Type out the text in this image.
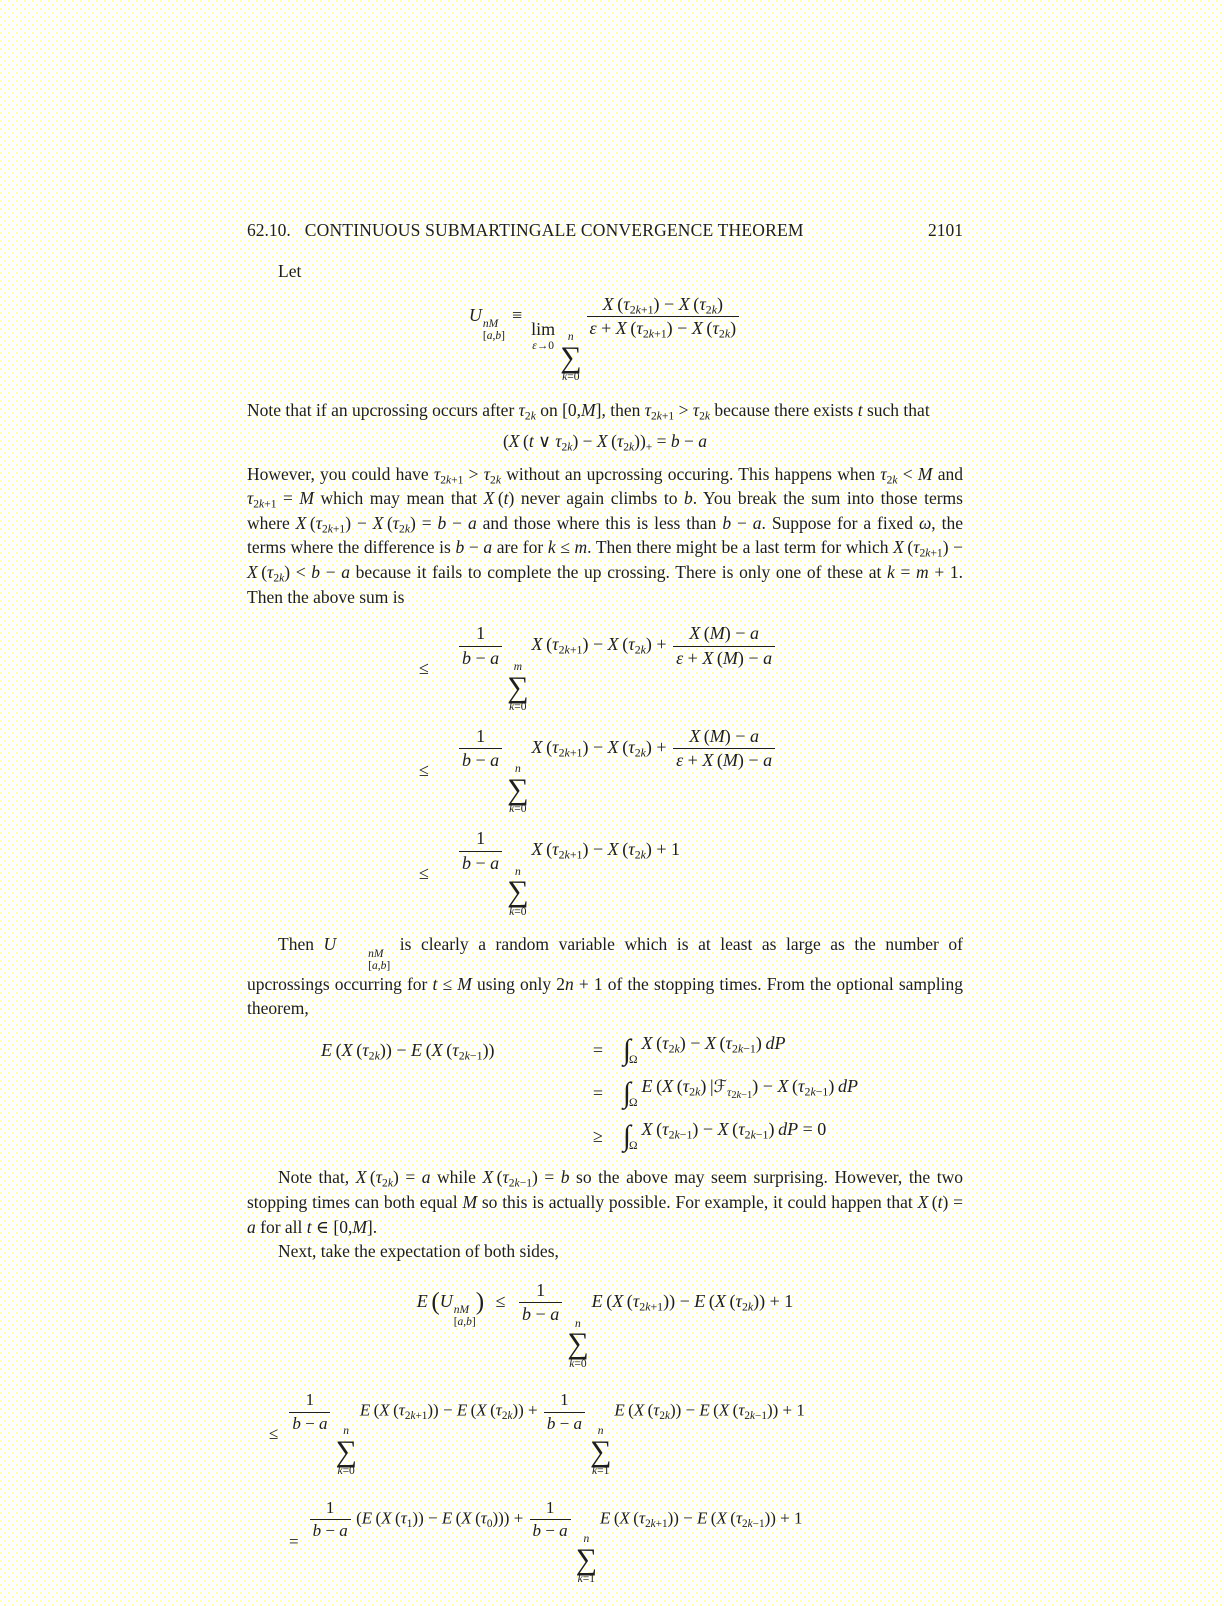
62.10. CONTINUOUS SUBMARTINGALE CONVERGENCE THEOREM	2101

Let

U nM
[a,b]
≡
lim
ε→0
n
∑
k=0
$\frac{X (\tau_{2k+1}) - X (\tau_{2k})}{\varepsilon + X (\tau_{2k+1}) - X (\tau_{2k})}$

Note that if an upcrossing occurs after $\tau_{2k}$ on [0,M], then $\tau_{2k+1} > \tau_{2k}$ because there exists t such that

(X (t ∨ $\tau_{2k}) - X$ $(\tau_{2k}))_+ = b - a$

However, you could have $\tau_{2k+1} > \tau_{2k}$ without an upcrossing occuring. This happens when $\tau_{2k} < M$ and $\tau_{2k+1} = M$ which may mean that X (t) never again climbs to b. You break the sum into those terms where X $(\tau_{2k+1}) - X$ $(\tau_{2k}) = b - a$ and those where this is less than b − a. Suppose for a fixed ω, the terms where the difference is b − a are for k ≤ m. Then there might be a last term for which X $(\tau_{2k+1}) - X$ $(\tau_{2k}) < b - a$ because it fails to complete the up crossing. There is only one of these at k = m + 1. Then the above sum is

≤	$\frac{1}{b - a}$ m
∑
k=0
X $(\tau_{2k+1}) - X$ $(\tau_{2k}) + \frac{X (M) - a}{\varepsilon + X (M) - a}$
≤	$\frac{1}{b - a}$ n
∑
k=0
X $(\tau_{2k+1}) - X$ $(\tau_{2k}) + \frac{X (M) - a}{\varepsilon + X (M) - a}$
≤	$\frac{1}{b - a}$ n
∑
k=0
X $(\tau_{2k+1}) - X$ $(\tau_{2k}) + 1$

Then U	nM
[a,b]
is clearly a random variable which is at least as large as the number of upcrossings occurring for t ≤ M using only 2n + 1 of the stopping times. From the optional sampling theorem,

E (X $(\tau_{2k})) - E$ (X $(\tau_{2k-1})$)	= $\int_\Omega X$ $(\tau_{2k}) - X$ $(\tau_{2k-1})$ dP
= $\int_\Omega E$ (X $(\tau_{2k})$ |ℱ$_{\tau_{2k-1}}$) − X $(\tau_{2k-1})$ dP
≥ $\int_\Omega X$ $(\tau_{2k-1}) - X$ $(\tau_{2k-1})$ dP = 0

Note that, X $(\tau_{2k}) = a$ while X $(\tau_{2k-1}) = b$ so the above may seem surprising. However, the two stopping times can both equal M so this is actually possible. For example, it could happen that X (t) = a for all t ∈ [0,M].

Next, take the expectation of both sides,

E  (U nM
[a,b]
) ≤ $\frac{1}{b - a}$ n
∑
k=0
E (X $(\tau_{2k+1})) - E$ (X $(\tau_{2k})) + 1$
≤ $\frac{1}{b - a}$ n
∑
k=0
E (X $(\tau_{2k+1})) - E$ (X $(\tau_{2k})) + \frac{1}{b - a}$ n
∑
k=1
E (X $(\tau_{2k})) - E$ (X $(\tau_{2k-1})) + 1$
= $\frac{1}{b - a} (E$ (X $(\tau_1)) - E$ (X $(\tau_0))) + \frac{1}{b - a}$ n
∑
k=1
E (X $(\tau_{2k+1})) - E$ (X $(\tau_{2k-1})) + 1$
